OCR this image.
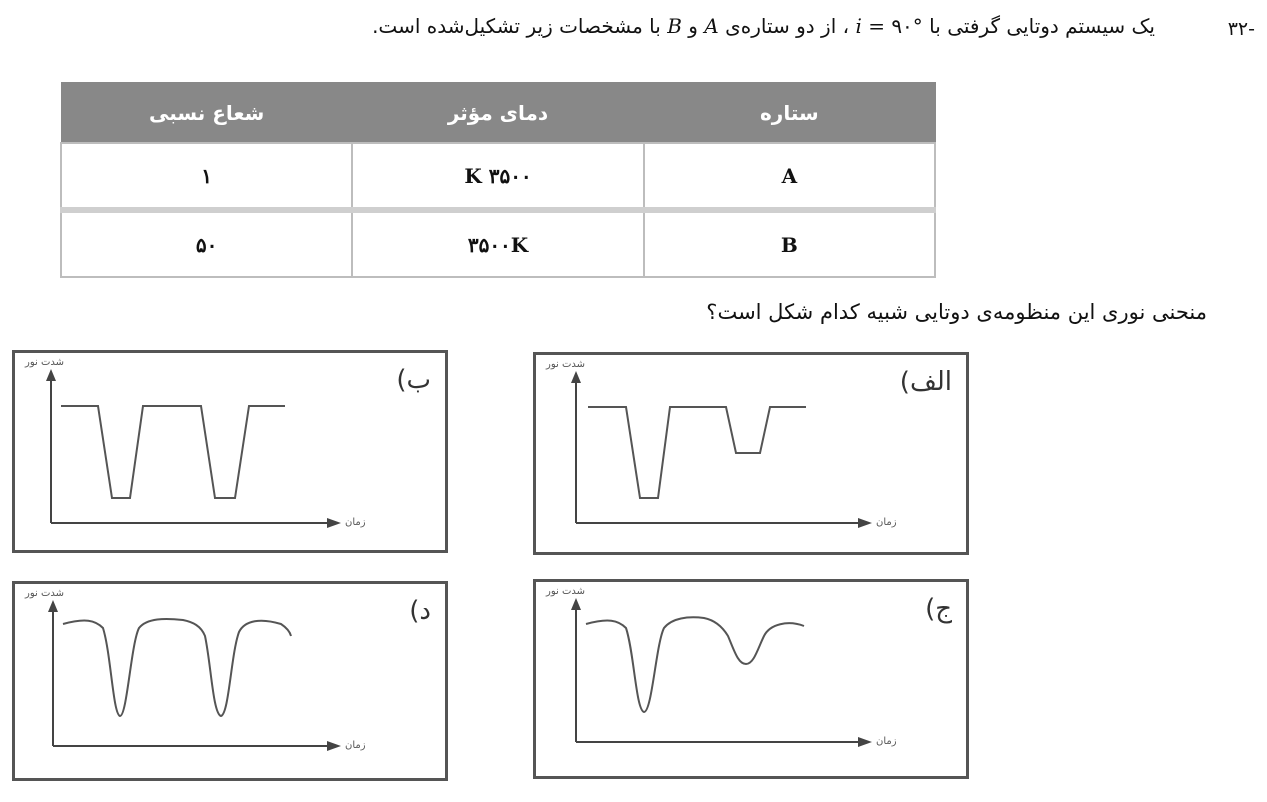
-۳۲
یک سیستم دوتایی گرفتی با i = ۹۰° ، از دو ستاره‌ی A و B با مشخصات زیر تشکیل‌شده است.
ستاره	دمای مؤثر	شعاع نسبی
A	۳۵۰۰ K	۱
B	۳۵۰۰K	۵۰
منحنی نوری این منظومه‌ی دوتایی شبیه کدام شکل است؟
شدت نور
زمان
ب)
شدت نور
زمان
الف)
شدت نور
زمان
د)
شدت نور
زمان
ج)
